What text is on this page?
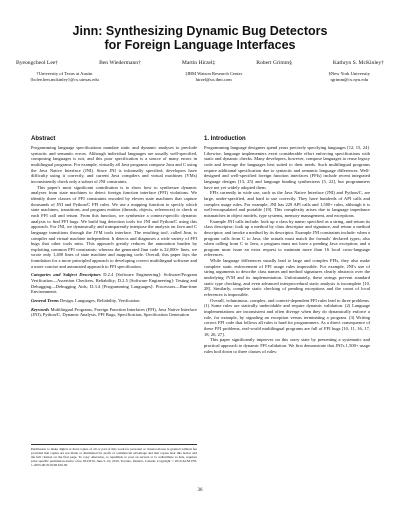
Jinn: Synthesizing Dynamic Bug Detectors
for Foreign Language Interfaces
Byeongcheol Lee†	Ben Wiedermann†	Martin Hirzel‡	Robert Grimm§	Kathryn S. McKinley†
†University of Texas at Austin
{bclee,ben,mckinley}@cs.utexas.edu
‡IBM Watson Research Center
hirzel@us.ibm.com
§New York University
rgrimm@cs.nyu.edu
Abstract

Programming language specifications mandate static and dynamic analyses to preclude syntactic and semantic errors. Although individual languages are usually well-specified, composing languages is not, and this poor specification is a source of many errors in multilingual programs. For example, virtually all Java programs compose Java and C using the Java Native Interface (JNI). Since JNI is informally specified, developers have difficulty using it correctly, and current Java compilers and virtual machines (VMs) inconsistently check only a subset of JNI constraints.

This paper's most significant contribution is to show how to synthesize dynamic analyses from state machines to detect foreign function interface (FFI) violations. We identify three classes of FFI constraints encoded by eleven state machines that capture thousands of JNI and Python/C FFI rules. We use a mapping function to specify which state machines, transitions, and program entities (threads, objects, references) to check at each FFI call and return. From this function, we synthesize a context-specific dynamic analysis to find FFI bugs. We build bug detection tools for JNI and Python/C using this approach. For JNI, we dynamically and transparently interpose the analysis on Java and C language transitions through the JVM tools interface. The resulting tool, called Jinn, is compiler and virtual machine independent. It detects and diagnoses a wide variety of FFI bugs that other tools miss. This approach greatly reduces the annotation burden by exploiting common FFI constraints: whereas the generated Jinn code is 22,000+ lines, we wrote only 1,400 lines of state machine and mapping code. Overall, this paper lays the foundation for a more principled approach to developing correct multilingual software and a more concise and automated approach to FFI specification.

Categories and Subject Descriptors D.2.4 [Software Engineering]: Software/Program Verification—Assertion Checkers, Reliability; D.2.5 [Software Engineering]: Testing and Debugging—Debugging Aids; D.3.4 [Programming Languages]: Processors—Run-time Environments

General Terms Design, Languages, Reliability, Verification

Keywords Multilingual Programs, Foreign Function Interfaces (FFI), Java Native Interface (JNI), Python/C, Dynamic Analysis, FFI Bugs, Specification, Specification Generation

Permission to make digital or hard copies of all or part of this work for personal or classroom use is granted without fee provided that copies are not made or distributed for profit or commercial advantage and that copies bear this notice and the full citation on the first page. To copy otherwise, to republish, to post on servers or to redistribute to lists, requires prior specific permission and/or a fee. PLDI'10, June 5–10, 2010, Toronto, Ontario, Canada. Copyright © 2010 ACM 978-1-4503-0019/10/06 $10.00
1. Introduction

Programming language designers spend years precisely specifying languages [12, 15, 24]. Likewise, language implementers exert considerable effort enforcing specifications with static and dynamic checks. Many developers, however, compose languages to reuse legacy code and leverage the languages best suited to their needs. Such multilingual programs require additional specification due to syntactic and semantic language differences. Well-designed and well-specified foreign function interfaces (FFIs) include recent integrated language designs [13, 25] and language binding synthesizers [5, 22], but programmers have not yet widely adopted them.

FFIs currently in wide use, such as the Java Native Interface (JNI) and Python/C, are large, under-specified, and hard to use correctly. They have hundreds of API calls and complex usage rules. For example, JNI has 229 API calls and 1,500+ rules, although it is well-encapsulated and portable [19]. This complexity arises due to language impedance mismatches in object models, type systems, memory management, and exceptions.

Example JNI calls include: look up a class by name; specified as a string, and return its class descriptor; look up a method by class descriptor and signature, and return a method descriptor; and invoke a method by its descriptor. Example JNI constraints include: when a program calls from C to Java, the actuals must match the formals' declared types; also when calling from C to Java, a program must not have a pending Java exception; and a program must issue an extra request to maintain more than 16 local cross-language references.

While language differences usually lead to large and complex FFIs, they also make complete static enforcement of FFI usage rules impossible. For example, JNI's use of string arguments to describe class names and method signatures clearly abstracts over the underlying JVM and its implementation. Unfortunately, these strings prevent standard static type checking, and even advanced interprocedural static analysis is incomplete [10, 28]. Similarly, complete static checking of pending exceptions and the count of local references is impossible.

Overall, voluminous, complex, and context-dependent FFI rules lead to three problems. (1) Some rules are statically undecidable and require dynamic validation. (2) Language implementations are inconsistent and often diverge when they do dynamically enforce a rule, for example, by signaling an exception versus terminating a program. (3) Writing correct FFI code that follows all rules is hard for programmers. As a direct consequence of these FFI problems, real-world multilingual programs are full of FFI bugs [10, 11, 16, 17, 18, 26, 27].

This paper significantly improves on this sorry state by presenting a systematic and practical approach to dynamic FFI validation. We first demonstrate that JNI's 1,500+ usage rules boil down to three classes of rules:

36
